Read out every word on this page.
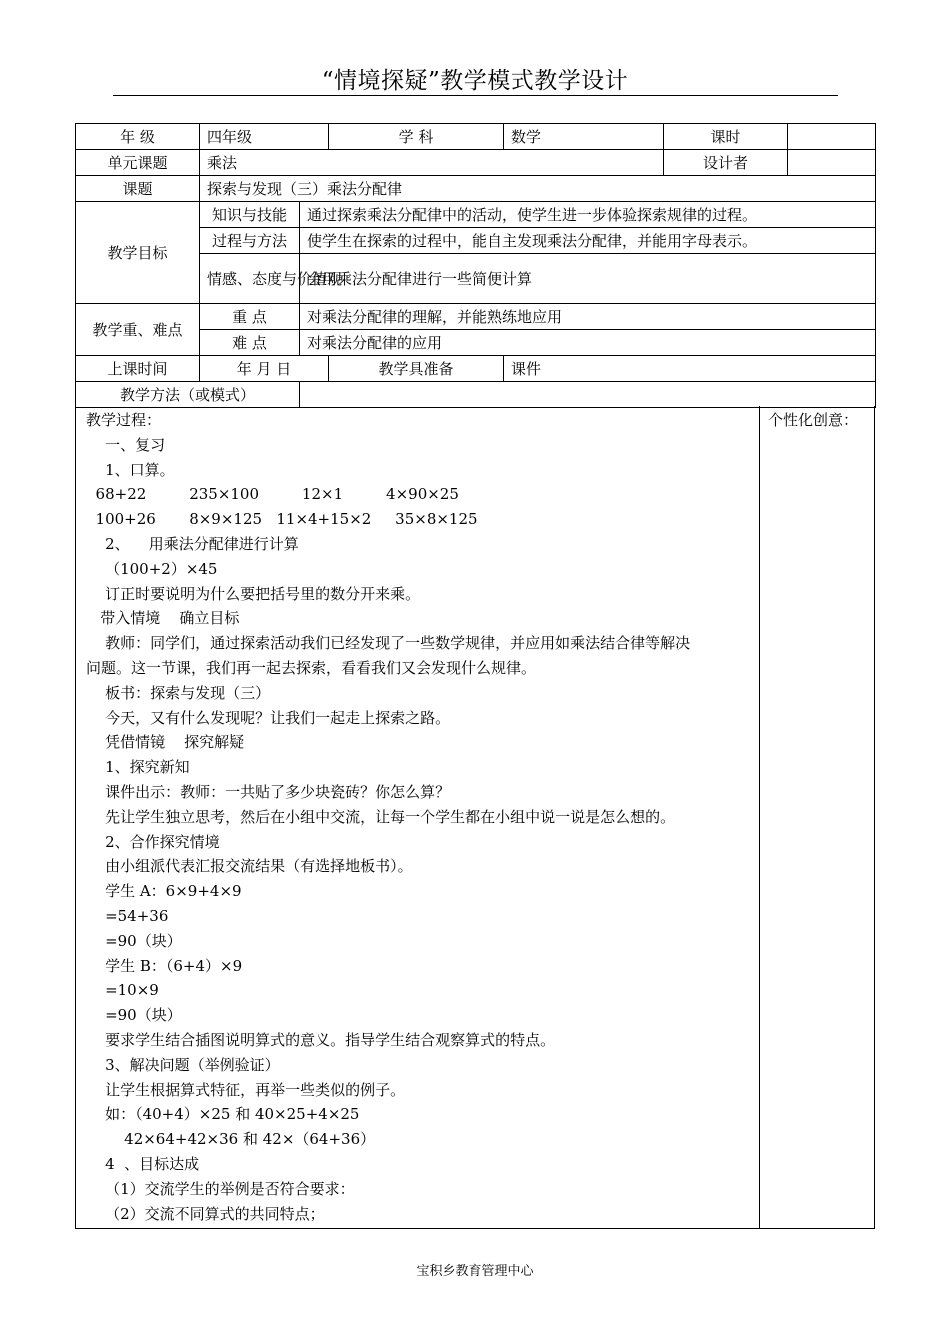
“情境探疑”教学模式教学设计
年 级	四年级		学 科	数学	课时	
单元课题	乘法				设计者	
课题	探索与发现（三）乘法分配律					
教学目标	知识与技能	通过探索乘法分配律中的活动，使学生进一步体验探索规律的过程。				
	过程与方法	使学生在探索的过程中，能自主发现乘法分配律，并能用字母表示。				
	情感、态度与价值观	会用乘法分配律进行一些简便计算				
教学重、难点	重 点	对乘法分配律的理解，并能熟练地应用				
	难 点	对乘法分配律的应用				
上课时间	年 月 日		教学具准备	课件		
教学方法（或模式）						
教学过程：
一、复习
1、口算。
68+22         235×100         12×1         4×90×25
100+26       8×9×125   11×4+15×2     35×8×125
2、    用乘法分配律进行计算
（100+2）×45
订正时要说明为什么要把括号里的数分开来乘。
带入情境    确立目标
教师：同学们，通过探索活动我们已经发现了一些数学规律，并应用如乘法结合律等解决
问题。这一节课，我们再一起去探索，看看我们又会发现什么规律。
板书：探索与发现（三）
今天，又有什么发现呢？让我们一起走上探索之路。
凭借情镜    探究解疑
1、探究新知
课件出示：教师：一共贴了多少块瓷砖？你怎么算？
先让学生独立思考，然后在小组中交流，让每一个学生都在小组中说一说是怎么想的。
2、合作探究情境
由小组派代表汇报交流结果（有选择地板书）。
学生 A：6×9+4×9
=54+36
=90（块）
学生 B：（6+4）×9
=10×9
=90（块）
要求学生结合插图说明算式的意义。指导学生结合观察算式的特点。
3、解决问题（举例验证）
让学生根据算式特征，再举一些类似的例子。
如：（40+4）×25 和 40×25+4×25
42×64+42×36 和 42×（64+36）
4  、目标达成
（1）交流学生的举例是否符合要求：
（2）交流不同算式的共同特点；
个性化创意：
宝积乡教育管理中心
